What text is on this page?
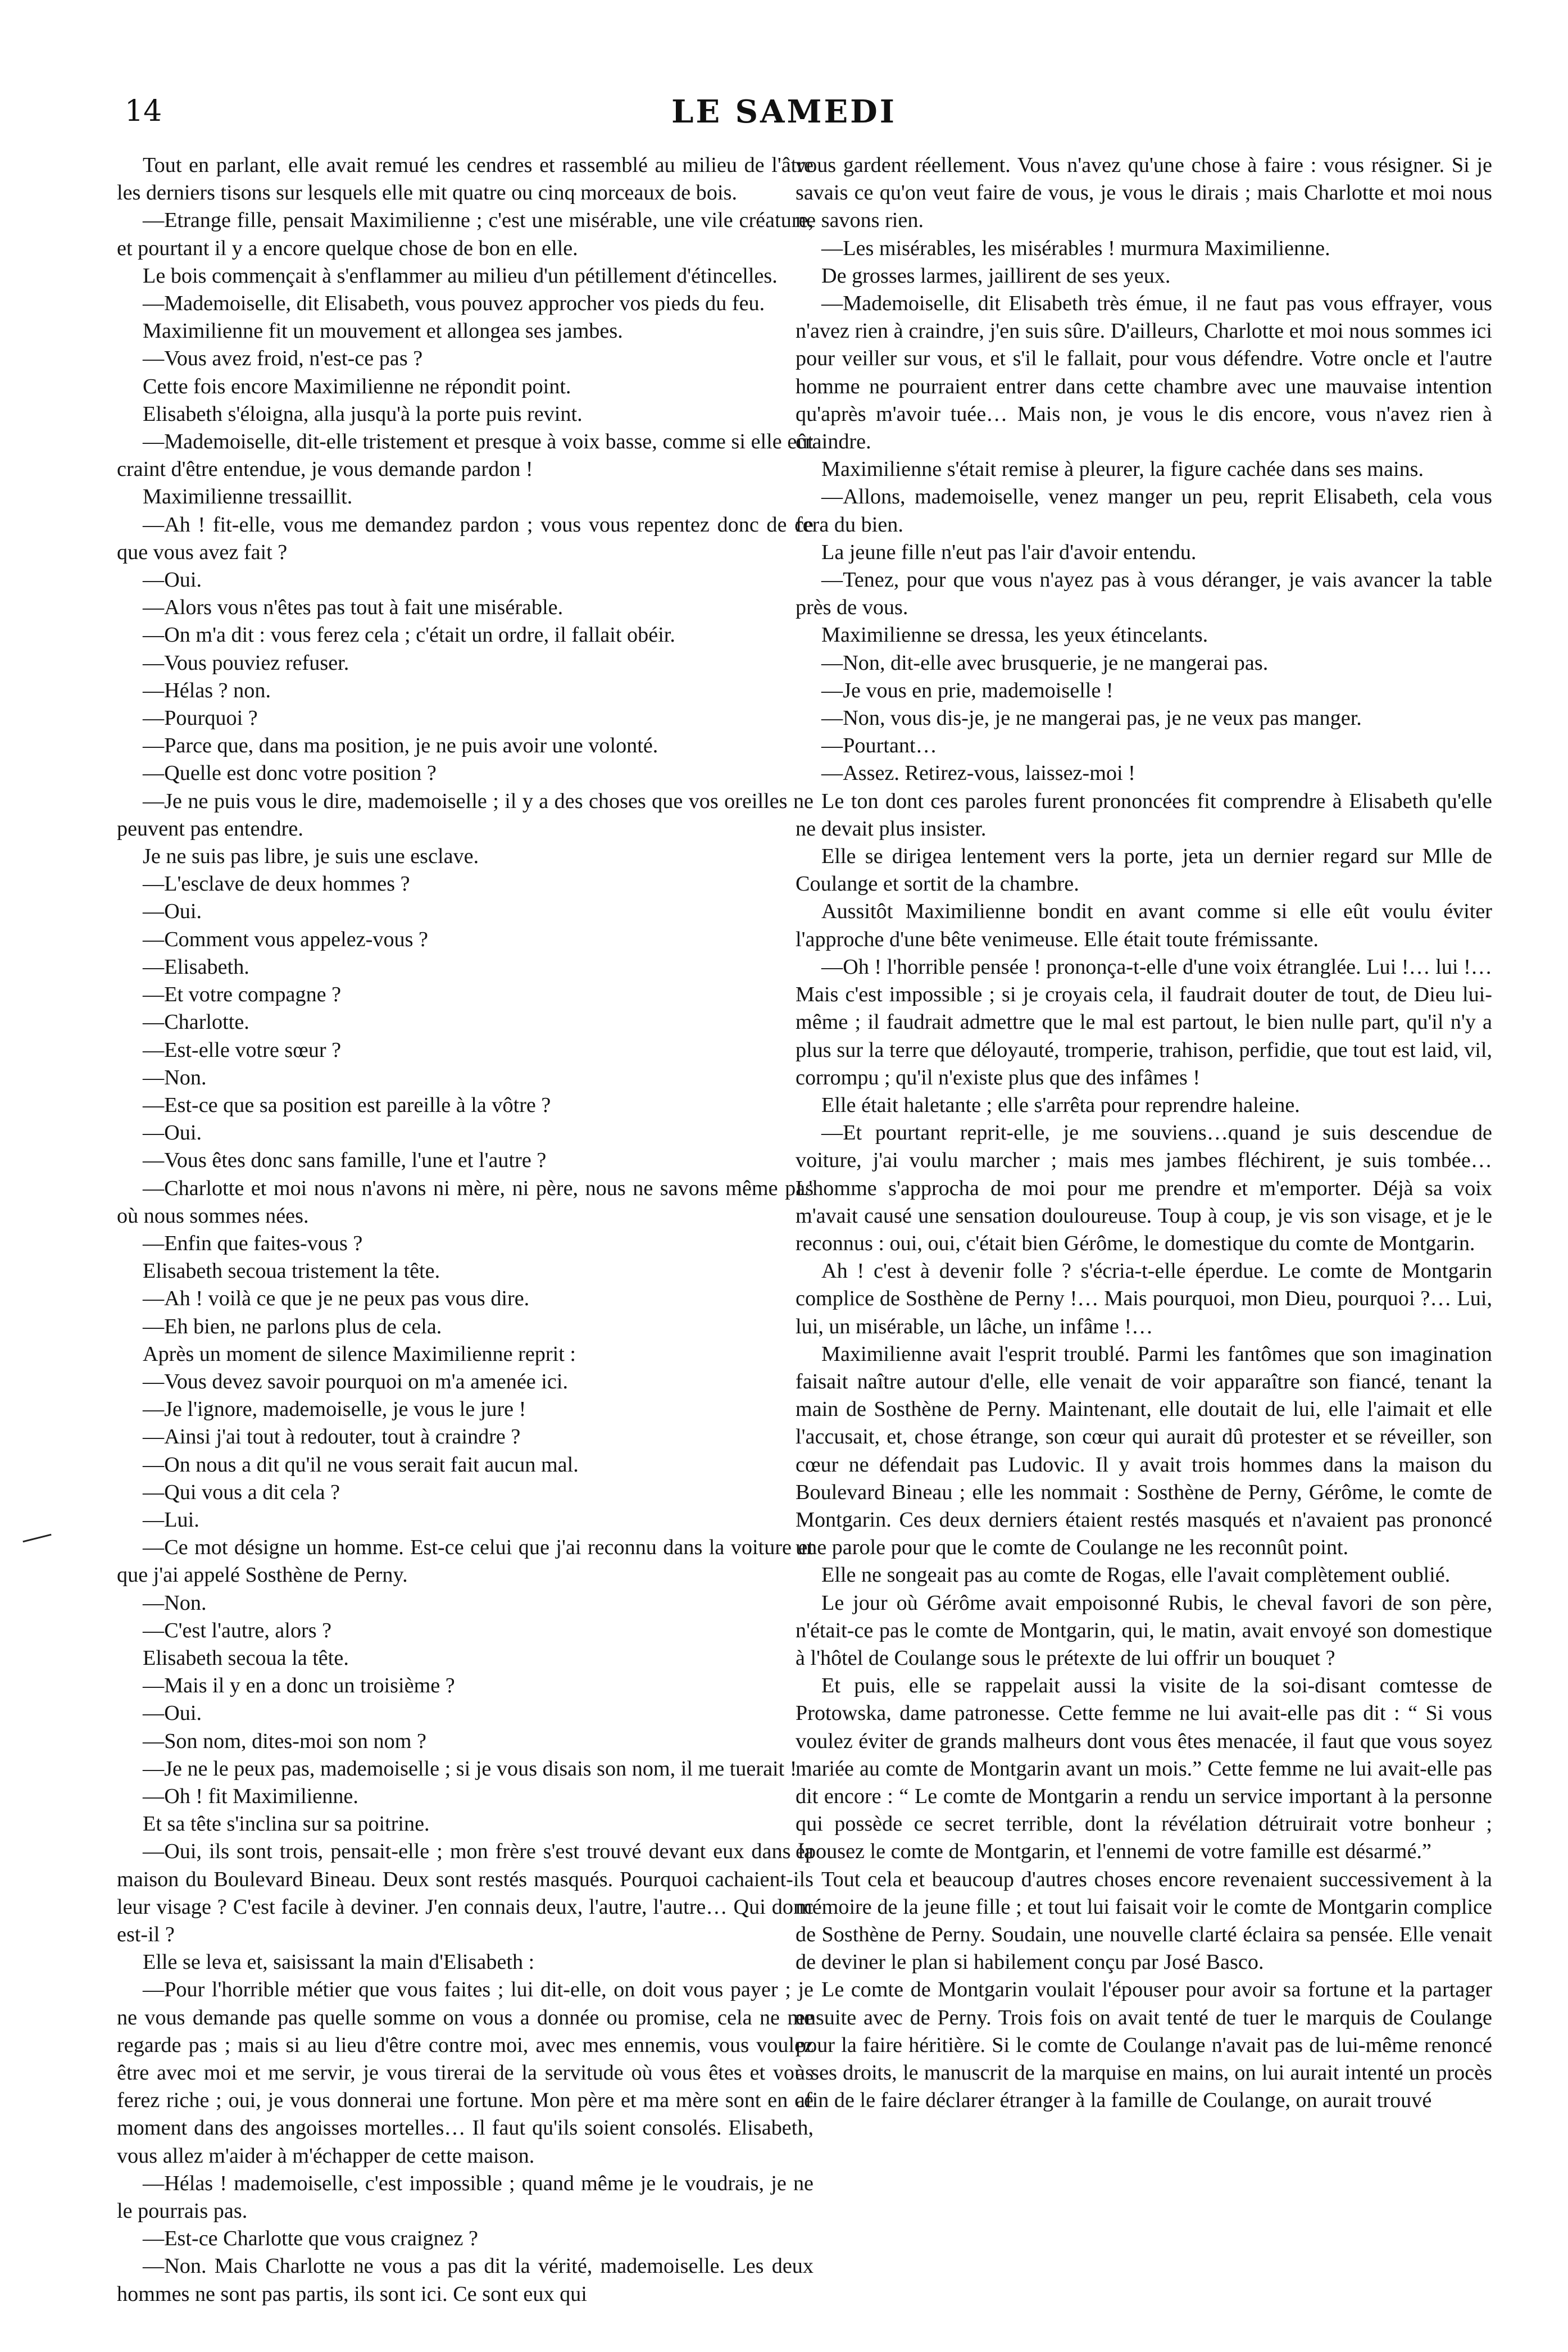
14	LE SAMEDI

Tout en parlant, elle avait remué les cendres et rassemblé au milieu de l'âtre les derniers tisons sur lesquels elle mit quatre ou cinq morceaux de bois.

—Etrange fille, pensait Maximilienne ; c'est une misérable, une vile créature, et pourtant il y a encore quelque chose de bon en elle.

Le bois commençait à s'enflammer au milieu d'un pétillement d'étincelles.

—Mademoiselle, dit Elisabeth, vous pouvez approcher vos pieds du feu.

Maximilienne fit un mouvement et allongea ses jambes.

—Vous avez froid, n'est-ce pas ?

Cette fois encore Maximilienne ne répondit point.

Elisabeth s'éloigna, alla jusqu'à la porte puis revint.

—Mademoiselle, dit-elle tristement et presque à voix basse, comme si elle eût craint d'être entendue, je vous demande pardon !

Maximilienne tressaillit.

—Ah ! fit-elle, vous me demandez pardon ; vous vous repentez donc de ce que vous avez fait ?

—Oui.

—Alors vous n'êtes pas tout à fait une misérable.

—On m'a dit : vous ferez cela ; c'était un ordre, il fallait obéir.

—Vous pouviez refuser.

—Hélas ? non.

—Pourquoi ?

—Parce que, dans ma position, je ne puis avoir une volonté.

—Quelle est donc votre position ?

—Je ne puis vous le dire, mademoiselle ; il y a des choses que vos oreilles ne peuvent pas entendre.

Je ne suis pas libre, je suis une esclave.

—L'esclave de deux hommes ?

—Oui.

—Comment vous appelez-vous ?

—Elisabeth.

—Et votre compagne ?

—Charlotte.

—Est-elle votre sœur ?

—Non.

—Est-ce que sa position est pareille à la vôtre ?

—Oui.

—Vous êtes donc sans famille, l'une et l'autre ?

—Charlotte et moi nous n'avons ni mère, ni père, nous ne savons même pas où nous sommes nées.

—Enfin que faites-vous ?

Elisabeth secoua tristement la tête.

—Ah ! voilà ce que je ne peux pas vous dire.

—Eh bien, ne parlons plus de cela.

Après un moment de silence Maximilienne reprit :

—Vous devez savoir pourquoi on m'a amenée ici.

—Je l'ignore, mademoiselle, je vous le jure !

—Ainsi j'ai tout à redouter, tout à craindre ?

—On nous a dit qu'il ne vous serait fait aucun mal.

—Qui vous a dit cela ?

—Lui.

—Ce mot désigne un homme. Est-ce celui que j'ai reconnu dans la voiture et que j'ai appelé Sosthène de Perny.

—Non.

—C'est l'autre, alors ?

Elisabeth secoua la tête.

—Mais il y en a donc un troisième ?

—Oui.

—Son nom, dites-moi son nom ?

—Je ne le peux pas, mademoiselle ; si je vous disais son nom, il me tuerait !

—Oh ! fit Maximilienne.

Et sa tête s'inclina sur sa poitrine.

—Oui, ils sont trois, pensait-elle ; mon frère s'est trouvé devant eux dans la maison du Boulevard Bineau. Deux sont restés masqués. Pourquoi cachaient-ils leur visage ? C'est facile à deviner. J'en connais deux, l'autre, l'autre… Qui donc est-il ?

Elle se leva et, saisissant la main d'Elisabeth :

—Pour l'horrible métier que vous faites ; lui dit-elle, on doit vous payer ; je ne vous demande pas quelle somme on vous a donnée ou promise, cela ne me regarde pas ; mais si au lieu d'être contre moi, avec mes ennemis, vous voulez être avec moi et me servir, je vous tirerai de la servitude où vous êtes et vous ferez riche ; oui, je vous donnerai une fortune. Mon père et ma mère sont en ce moment dans des angoisses mortelles… Il faut qu'ils soient consolés. Elisabeth, vous allez m'aider à m'échapper de cette maison.

—Hélas ! mademoiselle, c'est impossible ; quand même je le voudrais, je ne le pourrais pas.

—Est-ce Charlotte que vous craignez ?

—Non. Mais Charlotte ne vous a pas dit la vérité, mademoiselle. Les deux hommes ne sont pas partis, ils sont ici. Ce sont eux qui

vous gardent réellement. Vous n'avez qu'une chose à faire : vous résigner. Si je savais ce qu'on veut faire de vous, je vous le dirais ; mais Charlotte et moi nous ne savons rien.

—Les misérables, les misérables ! murmura Maximilienne.

De grosses larmes, jaillirent de ses yeux.

—Mademoiselle, dit Elisabeth très émue, il ne faut pas vous effrayer, vous n'avez rien à craindre, j'en suis sûre. D'ailleurs, Charlotte et moi nous sommes ici pour veiller sur vous, et s'il le fallait, pour vous défendre. Votre oncle et l'autre homme ne pourraient entrer dans cette chambre avec une mauvaise intention qu'après m'avoir tuée… Mais non, je vous le dis encore, vous n'avez rien à craindre.

Maximilienne s'était remise à pleurer, la figure cachée dans ses mains.

—Allons, mademoiselle, venez manger un peu, reprit Elisabeth, cela vous fera du bien.

La jeune fille n'eut pas l'air d'avoir entendu.

—Tenez, pour que vous n'ayez pas à vous déranger, je vais avancer la table près de vous.

Maximilienne se dressa, les yeux étincelants.

—Non, dit-elle avec brusquerie, je ne mangerai pas.

—Je vous en prie, mademoiselle !

—Non, vous dis-je, je ne mangerai pas, je ne veux pas manger.

—Pourtant…

—Assez. Retirez-vous, laissez-moi !

Le ton dont ces paroles furent prononcées fit comprendre à Elisabeth qu'elle ne devait plus insister.

Elle se dirigea lentement vers la porte, jeta un dernier regard sur Mlle de Coulange et sortit de la chambre.

Aussitôt Maximilienne bondit en avant comme si elle eût voulu éviter l'approche d'une bête venimeuse. Elle était toute frémissante.

—Oh ! l'horrible pensée ! prononça-t-elle d'une voix étranglée. Lui !… lui !… Mais c'est impossible ; si je croyais cela, il faudrait douter de tout, de Dieu lui-même ; il faudrait admettre que le mal est partout, le bien nulle part, qu'il n'y a plus sur la terre que déloyauté, tromperie, trahison, perfidie, que tout est laid, vil, corrompu ; qu'il n'existe plus que des infâmes !

Elle était haletante ; elle s'arrêta pour reprendre haleine.

—Et pourtant reprit-elle, je me souviens…quand je suis descendue de voiture, j'ai voulu marcher ; mais mes jambes fléchirent, je suis tombée… L'homme s'approcha de moi pour me prendre et m'emporter. Déjà sa voix m'avait causé une sensation douloureuse. Toup à coup, je vis son visage, et je le reconnus : oui, oui, c'était bien Gérôme, le domestique du comte de Montgarin.

Ah ! c'est à devenir folle ? s'écria-t-elle éperdue. Le comte de Montgarin complice de Sosthène de Perny !… Mais pourquoi, mon Dieu, pourquoi ?… Lui, lui, un misérable, un lâche, un infâme !…

Maximilienne avait l'esprit troublé. Parmi les fantômes que son imagination faisait naître autour d'elle, elle venait de voir apparaître son fiancé, tenant la main de Sosthène de Perny. Maintenant, elle doutait de lui, elle l'aimait et elle l'accusait, et, chose étrange, son cœur qui aurait dû protester et se réveiller, son cœur ne défendait pas Ludovic. Il y avait trois hommes dans la maison du Boulevard Bineau ; elle les nommait : Sosthène de Perny, Gérôme, le comte de Montgarin. Ces deux derniers étaient restés masqués et n'avaient pas prononcé une parole pour que le comte de Coulange ne les reconnût point.

Elle ne songeait pas au comte de Rogas, elle l'avait complètement oublié.

Le jour où Gérôme avait empoisonné Rubis, le cheval favori de son père, n'était-ce pas le comte de Montgarin, qui, le matin, avait envoyé son domestique à l'hôtel de Coulange sous le prétexte de lui offrir un bouquet ?

Et puis, elle se rappelait aussi la visite de la soi-disant comtesse de Protowska, dame patronesse. Cette femme ne lui avait-elle pas dit : “ Si vous voulez éviter de grands malheurs dont vous êtes menacée, il faut que vous soyez mariée au comte de Montgarin avant un mois.” Cette femme ne lui avait-elle pas dit encore : “ Le comte de Montgarin a rendu un service important à la personne qui possède ce secret terrible, dont la révélation détruirait votre bonheur ; épousez le comte de Montgarin, et l'ennemi de votre famille est désarmé.”

Tout cela et beaucoup d'autres choses encore revenaient successivement à la mémoire de la jeune fille ; et tout lui faisait voir le comte de Montgarin complice de Sosthène de Perny. Soudain, une nouvelle clarté éclaira sa pensée. Elle venait de deviner le plan si habilement conçu par José Basco.

Le comte de Montgarin voulait l'épouser pour avoir sa fortune et la partager ensuite avec de Perny. Trois fois on avait tenté de tuer le marquis de Coulange pour la faire héritière. Si le comte de Coulange n'avait pas de lui-même renoncé à ses droits, le manuscrit de la marquise en mains, on lui aurait intenté un procès afin de le faire déclarer étranger à la famille de Coulange, on aurait trouvé
